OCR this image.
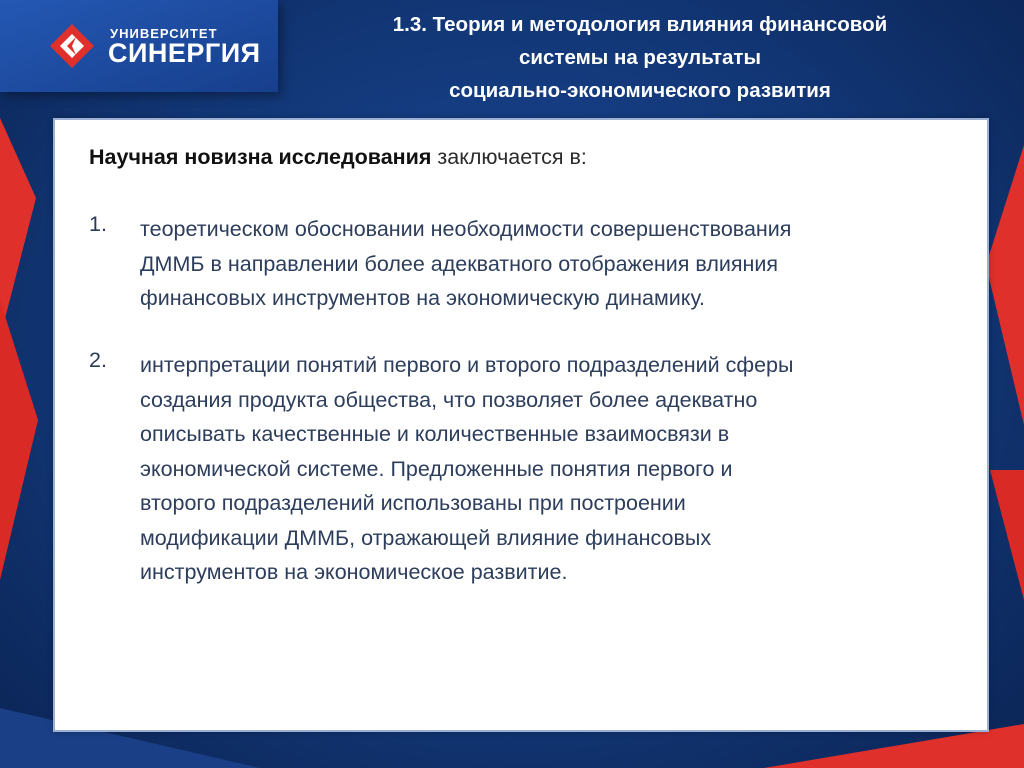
УНИВЕРСИТЕТ
СИНЕРГИЯ
1.3. Теория и методология влияния финансовой
системы на результаты
социально-экономического развития
Научная новизна исследования заключается в:
1. теоретическом обосновании необходимости совершенствования
ДММБ в направлении более адекватного отображения влияния
финансовых инструментов на экономическую динамику.
2. интерпретации понятий первого и второго подразделений сферы
создания продукта общества, что позволяет более адекватно
описывать качественные и количественные взаимосвязи в
экономической системе. Предложенные понятия первого и
второго подразделений использованы при построении
модификации ДММБ, отражающей влияние финансовых
инструментов на экономическое развитие.
